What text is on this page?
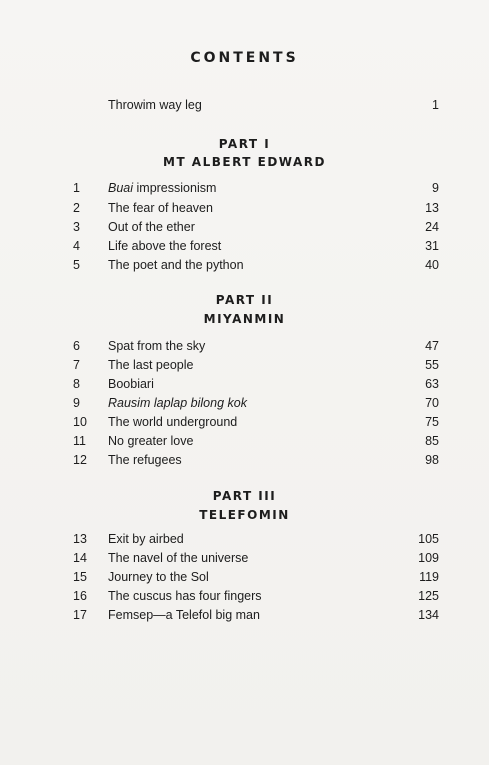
CONTENTS
Throwim way leg	1
PART I
MT ALBERT EDWARD
1	Buai impressionism	9
2	The fear of heaven	13
3	Out of the ether	24
4	Life above the forest	31
5	The poet and the python	40
PART II
MIYANMIN
6	Spat from the sky	47
7	The last people	55
8	Boobiari	63
9	Rausim laplap bilong kok	70
10	The world underground	75
11	No greater love	85
12	The refugees	98
PART III
TELEFOMIN
13	Exit by airbed	105
14	The navel of the universe	109
15	Journey to the Sol	119
16	The cuscus has four fingers	125
17	Femsep—a Telefol big man	134
